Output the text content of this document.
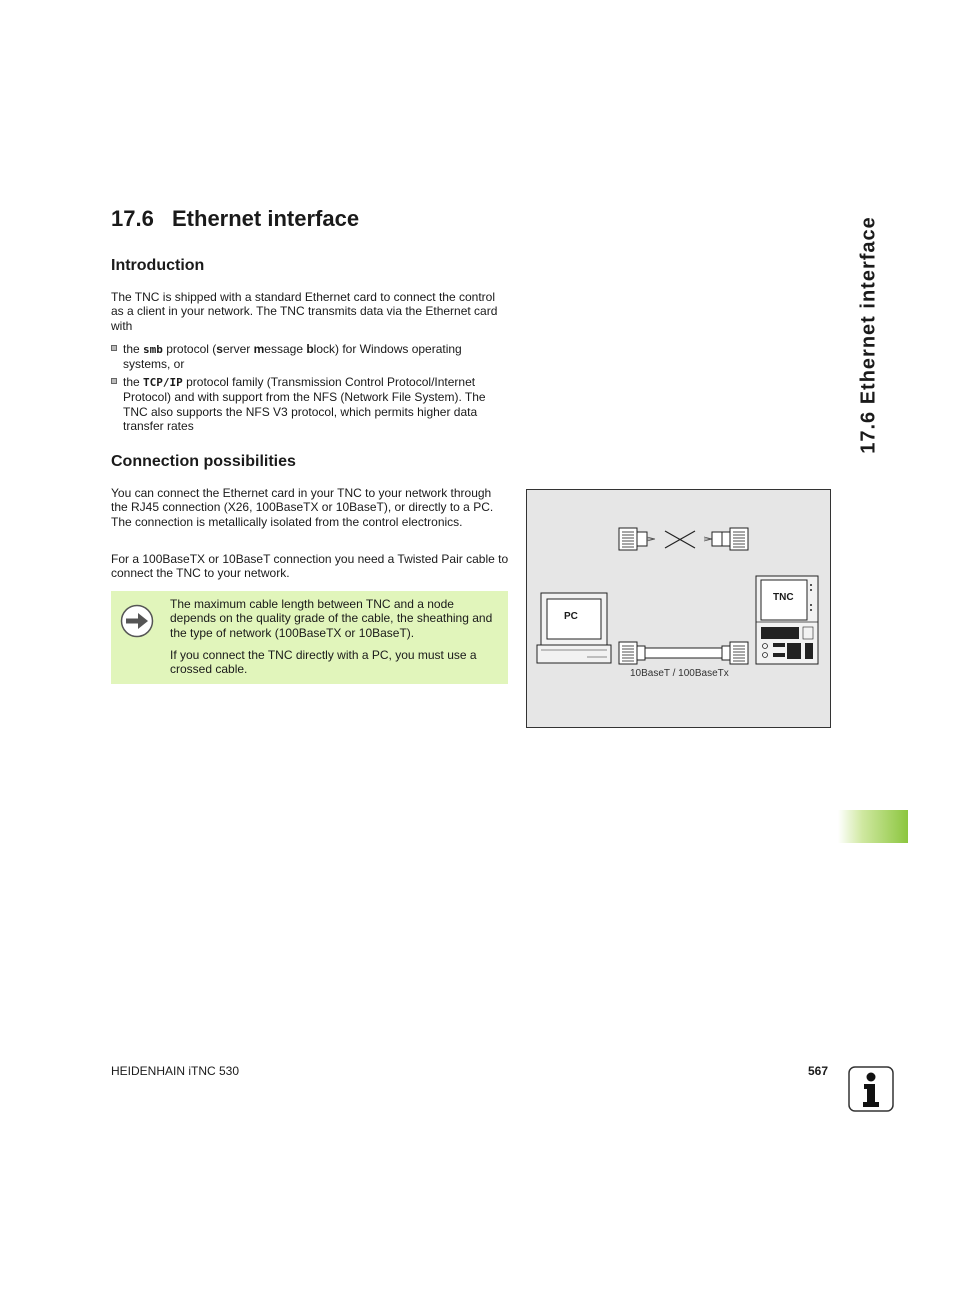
17.6 Ethernet interface
Introduction

The TNC is shipped with a standard Ethernet card to connect the control as a client in your network. The TNC transmits data via the Ethernet card with

the smb protocol (server message block) for Windows operating systems, or
the TCP/IP protocol family (Transmission Control Protocol/Internet Protocol) and with support from the NFS (Network File System). The TNC also supports the NFS V3 protocol, which permits higher data transfer rates
Connection possibilities

You can connect the Ethernet card in your TNC to your network through the RJ45 connection (X26, 100BaseTX or 10BaseT), or directly to a PC. The connection is metallically isolated from the control electronics.

For a 100BaseTX or 10BaseT connection you need a Twisted Pair cable to connect the TNC to your network.

The maximum cable length between TNC and a node depends on the quality grade of the cable, the sheathing and the type of network (100BaseTX or 10BaseT).

If you connect the TNC directly with a PC, you must use a crossed cable.

PC
TNC
10BaseT / 100BaseTx
17.6 Ethernet interface
HEIDENHAIN iTNC 530	567
